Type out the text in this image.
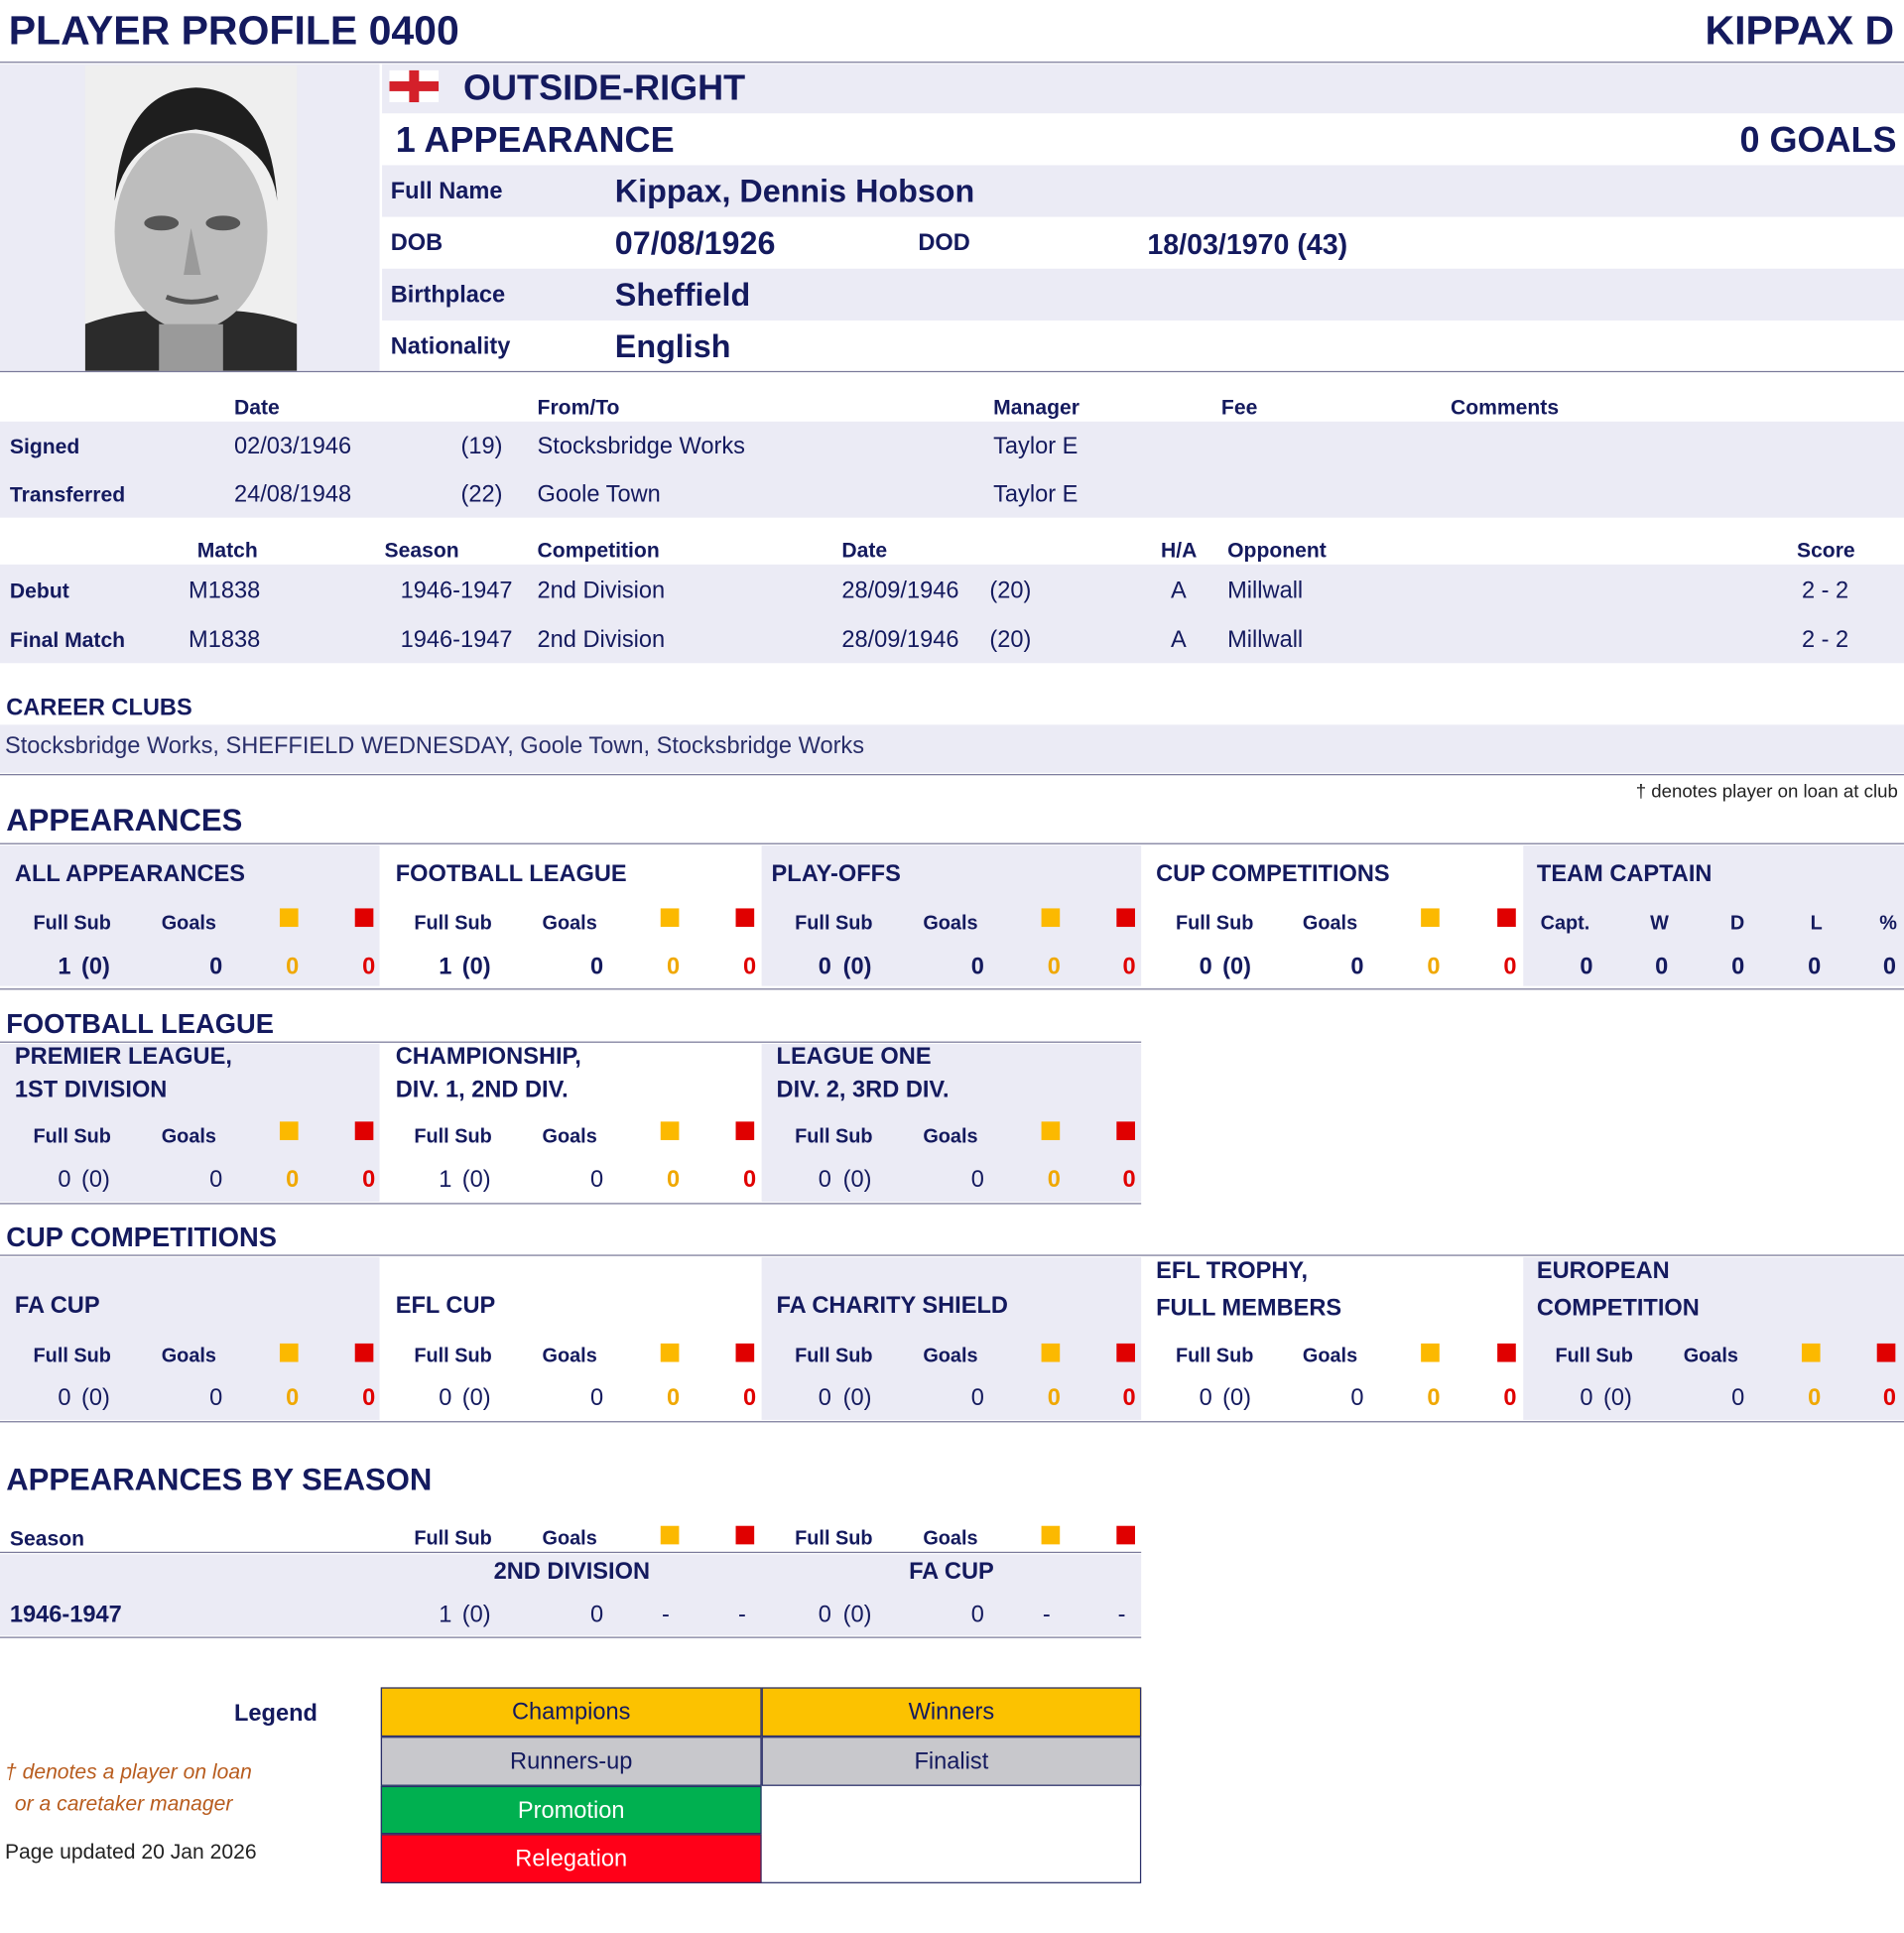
PLAYER PROFILE 0400	KIPPAX D
OUTSIDE-RIGHT
1 APPEARANCE	0 GOALS
Full Name	Kippax, Dennis Hobson
DOB	07/08/1926	DOD	18/03/1970 (43)
Birthplace	Sheffield
Nationality	English
Date	From/To	Manager	Fee	Comments
Signed	02/03/1946	(19) Stocksbridge Works	Taylor E
Transferred	24/08/1948	(22) Goole Town	Taylor E
Match	Season	Competition	Date	H/A Opponent	Score
Debut	M1838	1946-1947 2nd Division	28/09/1946 (20)	A Millwall	2 - 2
Final Match	M1838	1946-1947 2nd Division	28/09/1946 (20)	A Millwall	2 - 2
CAREER CLUBS
Stocksbridge Works, SHEFFIELD WEDNESDAY, Goole Town, Stocksbridge Works
† denotes player on loan at club
APPEARANCES
ALL APPEARANCES
Full Sub	Goals
1 (0)	0	0	0
FOOTBALL LEAGUE
Full Sub	Goals
1 (0)	0	0	0
PLAY-OFFS
Full Sub	Goals
0 (0)	0	0	0
CUP COMPETITIONS
Full Sub	Goals
0 (0)	0	0	0
TEAM CAPTAIN
Capt.	W	D	L	%
0	0	0	0	0
FOOTBALL LEAGUE
PREMIER LEAGUE,
1ST DIVISION
Full Sub	Goals
0 (0)	0	0	0
CHAMPIONSHIP,
DIV. 1, 2ND DIV.
Full Sub	Goals
1 (0)	0	0	0
LEAGUE ONE
DIV. 2, 3RD DIV.
Full Sub	Goals
0 (0)	0	0	0
CUP COMPETITIONS
FA CUP
Full Sub	Goals
0 (0)	0	0	0
EFL CUP
Full Sub	Goals
0 (0)	0	0	0
FA CHARITY SHIELD
Full Sub	Goals
0 (0)	0	0	0
EFL TROPHY,
FULL MEMBERS
Full Sub	Goals
0 (0)	0	0	0
EUROPEAN
COMPETITION
Full Sub	Goals
0 (0)	0	0	0
APPEARANCES BY SEASON
Season	Full Sub	Goals	Full Sub	Goals
2ND DIVISION	FA CUP
1946-1947	1 (0)	0	-	-	0 (0)	0	-	-
Legend	Champions	Winners
Runners-up	Finalist
Promotion
Relegation
† denotes a player on loan
or a caretaker manager
Page updated 20 Jan 2026
